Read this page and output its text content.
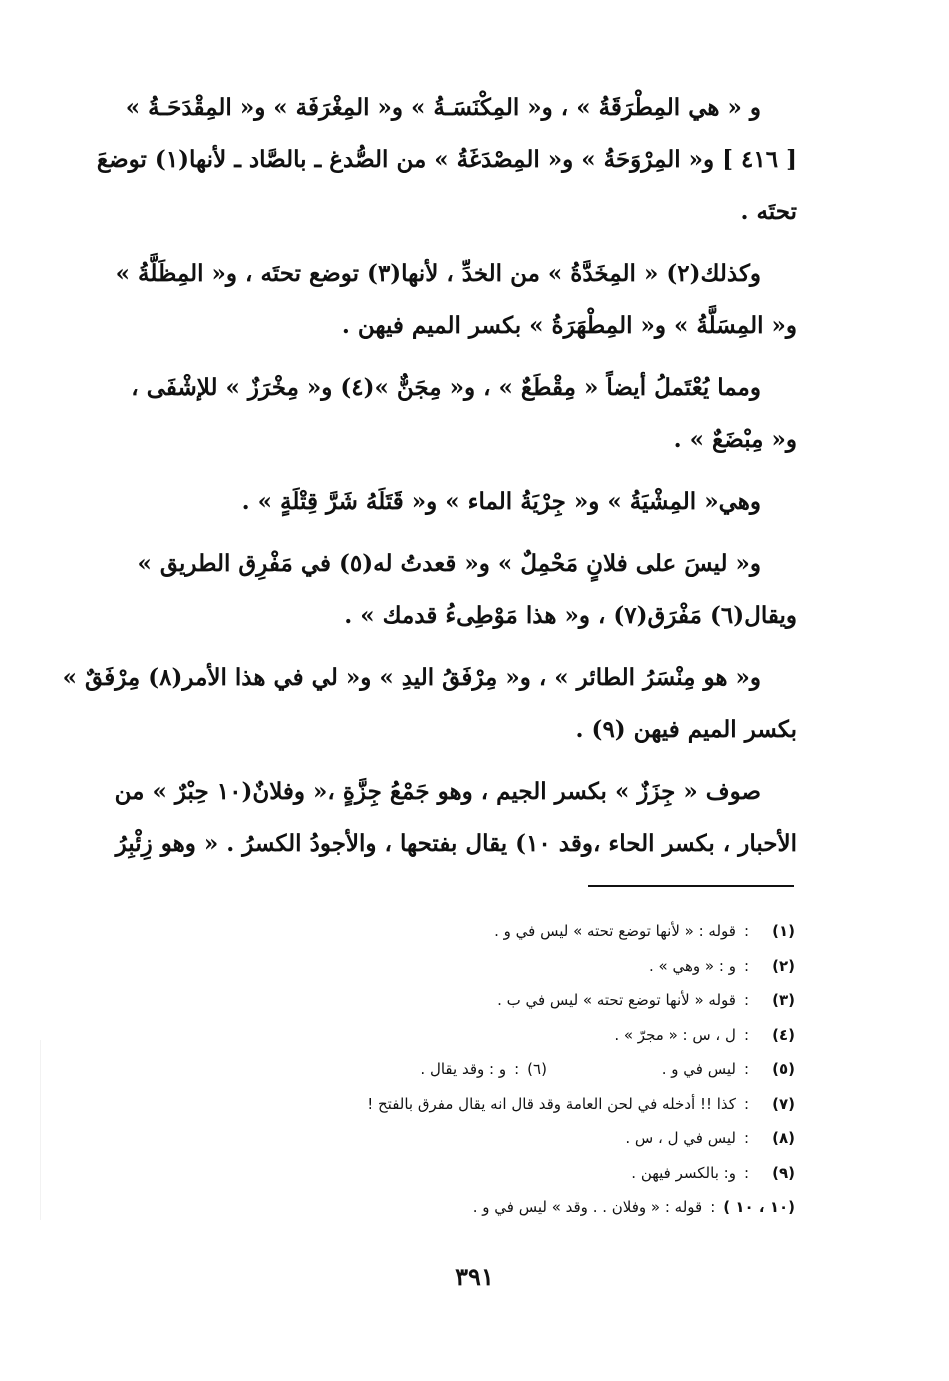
و « هي المِطْرَقَةُ » ، و« المِكْنَسَـةُ » و« المِغْرَفَة » و« المِقْدَحَـةُ »
[ ٤١٦ ] و« المِرْوَحَةُ » و« المِصْدَغَةُ » من الصُّدغ ـ بالصَّاد ـ لأنها(١) توضعَ
تحتَه .
وكذلك(٢) « المِخَدَّةُ » من الخدِّ ، لأنها(٣) توضع تحتَه ، و« المِظَلَّةُ »
و« المِسَلَّةُ » و« المِطْهَرَةُ » بكسر الميم فيهن .
ومما يُعْتَملُ أيضاً « مِقْطَعٌ » ، و« مِجَنٌّ »(٤) و« مِخْرَزٌ » للإشْفَى ،
و« مِبْضَعٌ » .
وهي« المِشْيَةُ » و« جِرْيَةُ الماء » و« قَتَلَهُ شَرَّ قِتْلَةٍ » .
و« ليسَ على فلانٍ مَحْمِلٌ » و« قعدتُ له(٥) في مَفْرِق الطريق »
ويقال(٦) مَفْرَق(٧) ، و« هذا مَوْطِىءُ قدمك » .
و« هو مِنْسَرُ الطائر » ، و« مِرْفَقُ اليدِ » و« لي في هذا الأمر(٨) مِرْفَقٌ »
بكسر الميم فيهن (٩) .
صوف « جِزَزٌ » بكسر الجيم ، وهو جَمْعُ جِزَّةٍ ،« وفلانٌ(١٠ حِبْرٌ » من
الأحبار ، بكسر الحاء ،وقد ١٠) يقال بفتحها ، والأجودُ الكسرُ . « وهو زِئْبِرُ
(١):قوله : « لأنها توضع تحته » ليس في و .
(٢):و : « وهي » .
(٣):قوله « لأنها توضع تحته » ليس في ب .
(٤):ل ، س : « مجرّ » .
(٥):ليس في و . (٦):و : وقد يقال .
(٧):كذا !! أدخله في لحن العامة وقد قال انه يقال مفرق بالفتح !
(٨):ليس في ل ، س .
(٩):و: بالكسر فيهن .
(١٠ ، ١٠ ):قوله : « وفلان . . وقد » ليس في و .
٣٩١
